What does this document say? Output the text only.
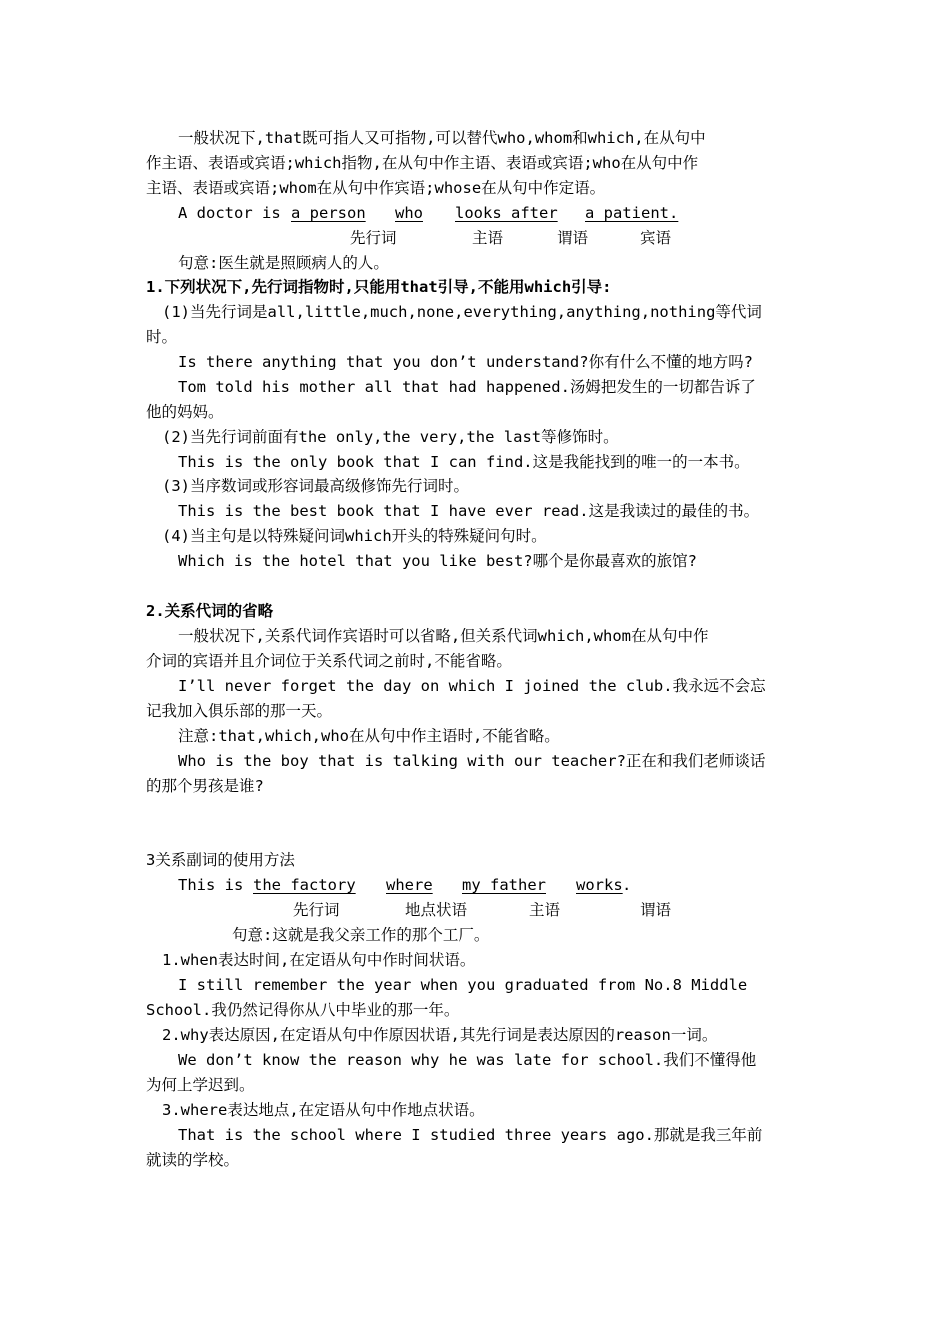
一般状况下,that既可指人又可指物,可以替代who,whom和which,在从句中
作主语、表语或宾语;which指物,在从句中作主语、表语或宾语;who在从句中作
主语、表语或宾语;whom在从句中作宾语;whose在从句中作定语。
A doctor is a person who looks after a patient.
先行词	主语	谓语	宾语
句意:医生就是照顾病人的人。
1.下列状况下,先行词指物时,只能用that引导,不能用which引导:
(1)当先行词是all,little,much,none,everything,anything,nothing等代词
时。
Is there anything that you don’t understand?你有什么不懂的地方吗?
Tom told his mother all that had happened.汤姆把发生的一切都告诉了
他的妈妈。
(2)当先行词前面有the only,the very,the last等修饰时。
This is the only book that I can find.这是我能找到的唯一的一本书。
(3)当序数词或形容词最高级修饰先行词时。
This is the best book that I have ever read.这是我读过的最佳的书。
(4)当主句是以特殊疑问词which开头的特殊疑问句时。
Which is the hotel that you like best?哪个是你最喜欢的旅馆?
2.关系代词的省略
一般状况下,关系代词作宾语时可以省略,但关系代词which,whom在从句中作
介词的宾语并且介词位于关系代词之前时,不能省略。
I’ll never forget the day on which I joined the club.我永远不会忘
记我加入俱乐部的那一天。
注意:that,which,who在从句中作主语时,不能省略。
Who is the boy that is talking with our teacher?正在和我们老师谈话
的那个男孩是谁?
3关系副词的使用方法
This is the factory where my father works .
先行词	地点状语	主语	谓语
句意:这就是我父亲工作的那个工厂。
1.when表达时间,在定语从句中作时间状语。
I still remember the year when you graduated from No.8 Middle
School.我仍然记得你从八中毕业的那一年。
2.why表达原因,在定语从句中作原因状语,其先行词是表达原因的reason一词。
We don’t know the reason why he was late for school.我们不懂得他
为何上学迟到。
3.where表达地点,在定语从句中作地点状语。
That is the school where I studied three years ago.那就是我三年前
就读的学校。
